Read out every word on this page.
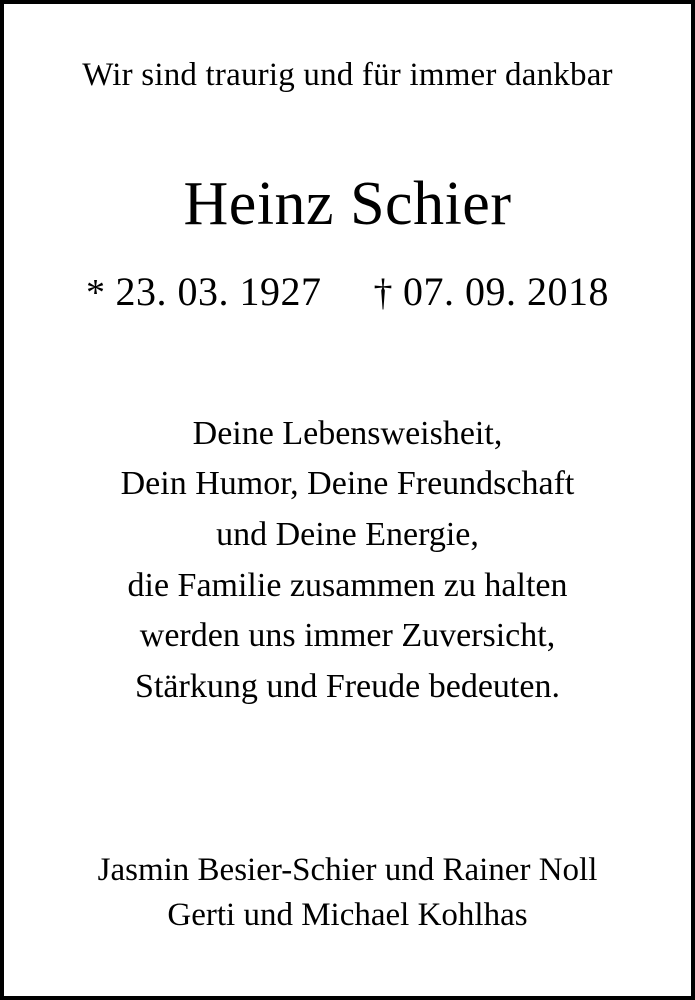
Wir sind traurig und für immer dankbar
Heinz Schier
* 23. 03. 1927 † 07. 09. 2018
Deine Lebensweisheit,
Dein Humor, Deine Freundschaft
und Deine Energie,
die Familie zusammen zu halten
werden uns immer Zuversicht,
Stärkung und Freude bedeuten.
Jasmin Besier-Schier und Rainer Noll
Gerti und Michael Kohlhas
